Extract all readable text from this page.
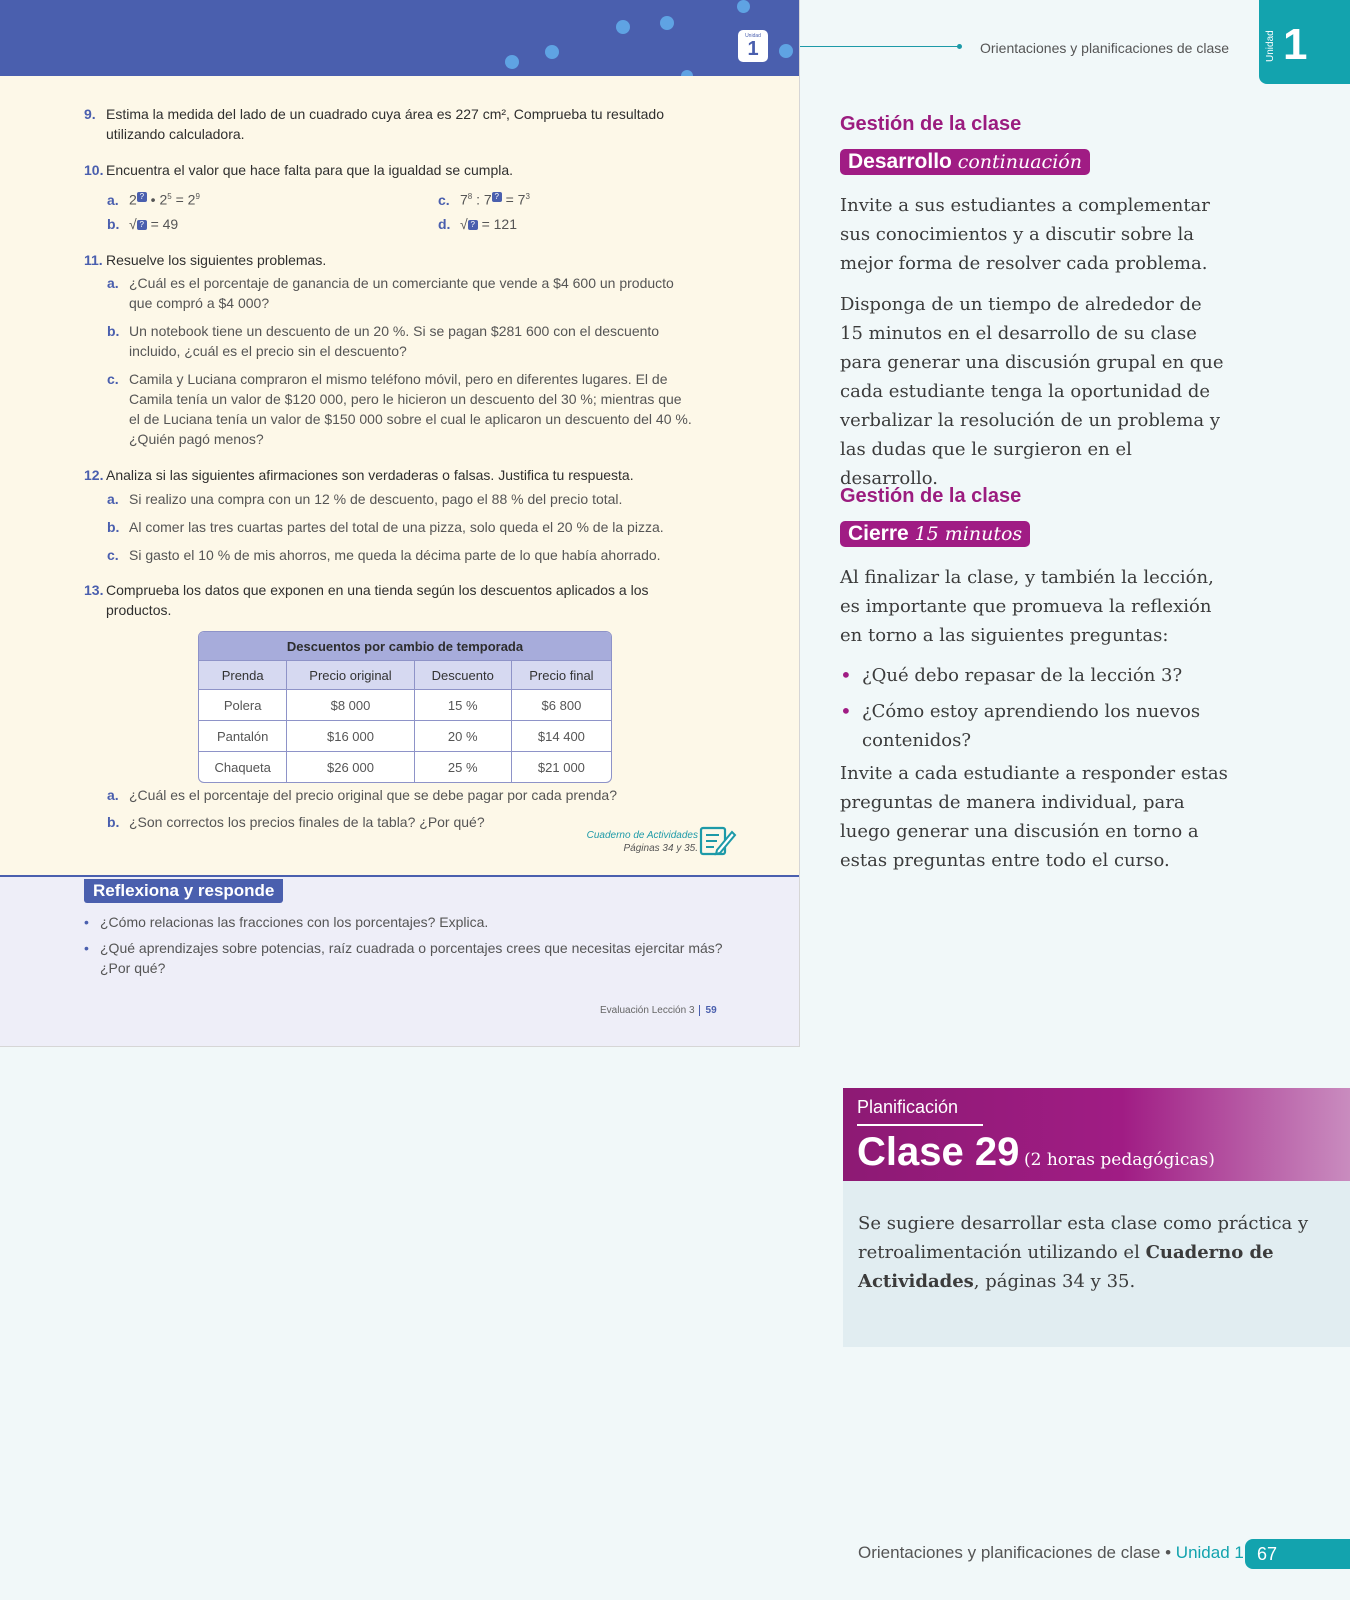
Unidad
1
9. Estima la medida del lado de un cuadrado cuya área es 227 cm², Comprueba tu resultado utilizando calculadora.
10. Encuentra el valor que hace falta para que la igualdad se cumpla.
a. 2 ? • $2^5 = 2^9$	c. $7^8$ : 7 ? = $7^3$
b. √ ? = 49	d. √ ? = 121
11. Resuelve los siguientes problemas.
a. ¿Cuál es el porcentaje de ganancia de un comerciante que vende a $4 600 un producto que compró a $4 000?
b. Un notebook tiene un descuento de un 20 %. Si se pagan $281 600 con el descuento incluido, ¿cuál es el precio sin el descuento?
c. Camila y Luciana compraron el mismo teléfono móvil, pero en diferentes lugares. El de Camila tenía un valor de $120 000, pero le hicieron un descuento del 30 %; mientras que el de Luciana tenía un valor de $150 000 sobre el cual le aplicaron un descuento del 40 %. ¿Quién pagó menos?
12. Analiza si las siguientes afirmaciones son verdaderas o falsas. Justifica tu respuesta.
a. Si realizo una compra con un 12 % de descuento, pago el 88 % del precio total.
b. Al comer las tres cuartas partes del total de una pizza, solo queda el 20 % de la pizza.
c. Si gasto el 10 % de mis ahorros, me queda la décima parte de lo que había ahorrado.
13. Comprueba los datos que exponen en una tienda según los descuentos aplicados a los productos.
Descuentos por cambio de temporada			
Prenda	Precio original	Descuento	Precio final
Polera	$8 000	15 %	$6 800
Pantalón	$16 000	20 %	$14 400
Chaqueta	$26 000	25 %	$21 000
a. ¿Cuál es el porcentaje del precio original que se debe pagar por cada prenda?
b. ¿Son correctos los precios finales de la tabla? ¿Por qué?
Cuaderno de Actividades
Páginas 34 y 35.
Reflexiona y responde
• ¿Cómo relacionas las fracciones con los porcentajes? Explica.
• ¿Qué aprendizajes sobre potencias, raíz cuadrada o porcentajes crees que necesitas ejercitar más? ¿Por qué?
Evaluación Lección 3 59
Orientaciones y planificaciones de clase	Unidad 1
Gestión de la clase
Desarrollo continuación
Invite a sus estudiantes a complementar sus conocimientos y a discutir sobre la mejor forma de resolver cada problema.
Disponga de un tiempo de alrededor de 15 minutos en el desarrollo de su clase para generar una discusión grupal en que cada estudiante tenga la oportunidad de verbalizar la resolución de un problema y las dudas que le surgieron en el desarrollo.
Gestión de la clase
Cierre 15 minutos
Al finalizar la clase, y también la lección, es importante que promueva la reflexión en torno a las siguientes preguntas:
• ¿Qué debo repasar de la lección 3?
• ¿Cómo estoy aprendiendo los nuevos contenidos?
Invite a cada estudiante a responder estas preguntas de manera individual, para luego generar una discusión en torno a estas preguntas entre todo el curso.
Planificación
Clase 29 (2 horas pedagógicas)
Se sugiere desarrollar esta clase como práctica y retroalimentación utilizando el Cuaderno de Actividades, páginas 34 y 35.
Orientaciones y planificaciones de clase • Unidad 1 67
